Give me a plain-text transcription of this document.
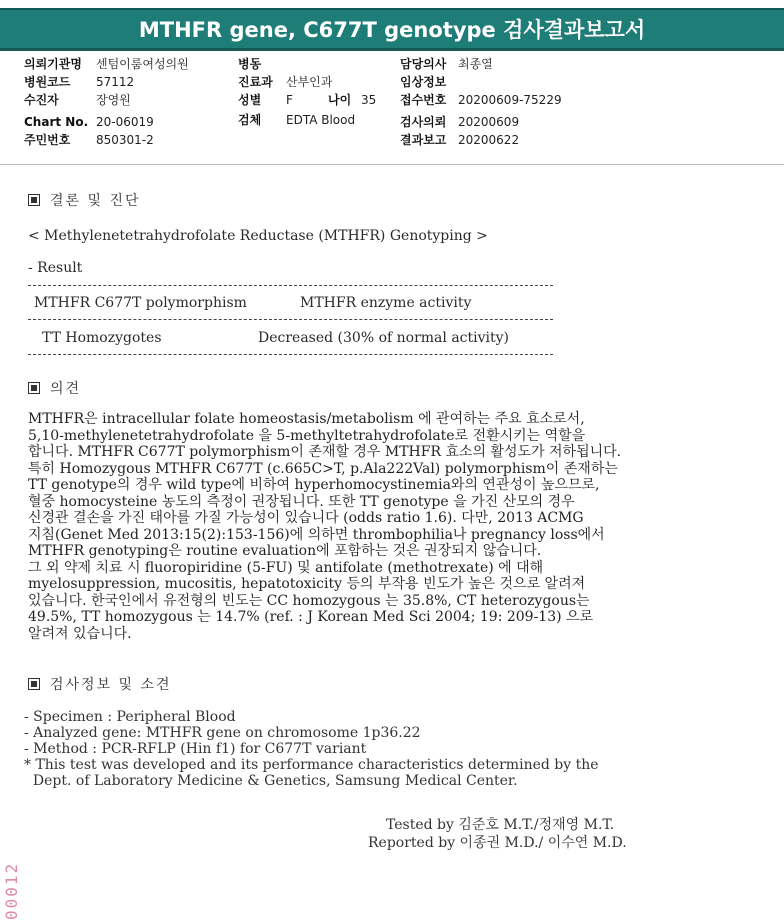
MTHFR gene, C677T genotype 검사결과보고서
의뢰기관명 센텀이룸여성의원
병원코드 57112
수진자	장영원
Chart No. 20-06019
주민번호 850301-2
병동
진료과 산부인과
성별 F	나이 35
검체 EDTA Blood
담당의사 최종열
임상정보
접수번호 20200609-75229
검사의뢰 20200609
결과보고 20200622
결론 및 진단
< Methylenetetrahydrofolate Reductase (MTHFR) Genotyping >
- Result
MTHFR C677T polymorphism	MTHFR enzyme activity
TT Homozygotes	Decreased (30% of normal activity)
의견
MTHFR은 intracellular folate homeostasis/metabolism 에 관여하는 주요 효소로서,
5,10-methylenetetrahydrofolate 을 5-methyltetrahydrofolate로 전환시키는 역할을
합니다. MTHFR C677T polymorphism이 존재할 경우 MTHFR 효소의 활성도가 저하됩니다.
특히 Homozygous MTHFR C677T (c.665C>T, p.Ala222Val) polymorphism이 존재하는
TT genotype의 경우 wild type에 비하여 hyperhomocystinemia와의 연관성이 높으므로,
혈중 homocysteine 농도의 측정이 권장됩니다. 또한 TT genotype 을 가진 산모의 경우
신경관 결손을 가진 태아를 가질 가능성이 있습니다 (odds ratio 1.6). 다만, 2013 ACMG
지침(Genet Med 2013:15(2):153-156)에 의하면 thrombophilia나 pregnancy loss에서
MTHFR genotyping은 routine evaluation에 포함하는 것은 권장되지 않습니다.
그 외 약제 치료 시 fluoropiridine (5-FU) 및 antifolate (methotrexate) 에 대해
myelosuppression, mucositis, hepatotoxicity 등의 부작용 빈도가 높은 것으로 알려져
있습니다. 한국인에서 유전형의 빈도는 CC homozygous 는 35.8%, CT heterozygous는
49.5%, TT homozygous 는 14.7% (ref. : J Korean Med Sci 2004; 19: 209-13) 으로
알려져 있습니다.
검사정보 및 소견
- Specimen : Peripheral Blood
- Analyzed gene: MTHFR gene on chromosome 1p36.22
- Method : PCR-RFLP (Hin f1) for C677T variant
* This test was developed and its performance characteristics determined by the
Dept. of Laboratory Medicine & Genetics, Samsung Medical Center.
Tested by 김준호 M.T./정재영 M.T.
Reported by 이종권 M.D./ 이수연 M.D.
00012
